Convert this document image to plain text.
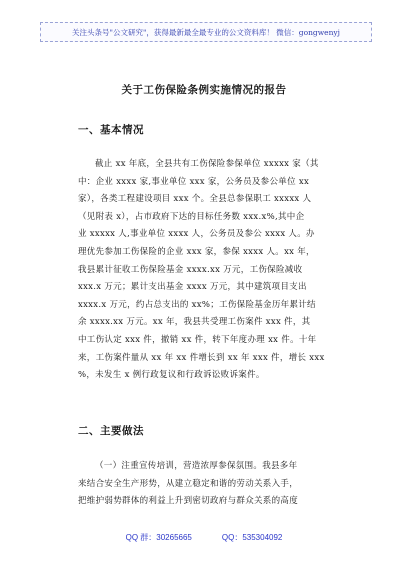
关注头条号"公文研究"，获得最新最全最专业的公文资料库！ 微信：gongwenyj
关于工伤保险条例实施情况的报告
一、基本情况

截止 xx 年底，全县共有工伤保险参保单位 xxxxx 家（其
中：企业 xxxx 家,事业单位 xxx 家，公务员及参公单位 xx
家），各类工程建设项目 xxx 个。全县总参保职工 xxxxx 人
（见附表 x），占市政府下达的目标任务数 xxx.x%,其中企
业 xxxxx 人,事业单位 xxxx 人，公务员及参公 xxxx 人。办
理优先参加工伤保险的企业 xxx 家，参保 xxxx 人。xx 年，
我县累计征收工伤保险基金 xxxx.xx 万元，工伤保险减收
xxx.x 万元；累计支出基金 xxxx 万元，其中建筑项目支出
xxxx.x 万元，约占总支出的 xx%；工伤保险基金历年累计结
余 xxxx.xx 万元。xx 年，我县共受理工伤案件 xxx 件，其
中工伤认定 xxx 件，撤销 xx 件，转下年度办理 xx 件。十年
来，工伤案件量从 xx 年 xx 件增长到 xx 年 xxx 件，增长 xxx
%，未发生 x 例行政复议和行政诉讼败诉案件。

二、主要做法

（一）注重宣传培训，营造浓厚参保氛围。我县多年
来结合安全生产形势，从建立稳定和谐的劳动关系入手，
把维护弱势群体的利益上升到密切政府与群众关系的高度

QQ 群：30265665	QQ：535304092
